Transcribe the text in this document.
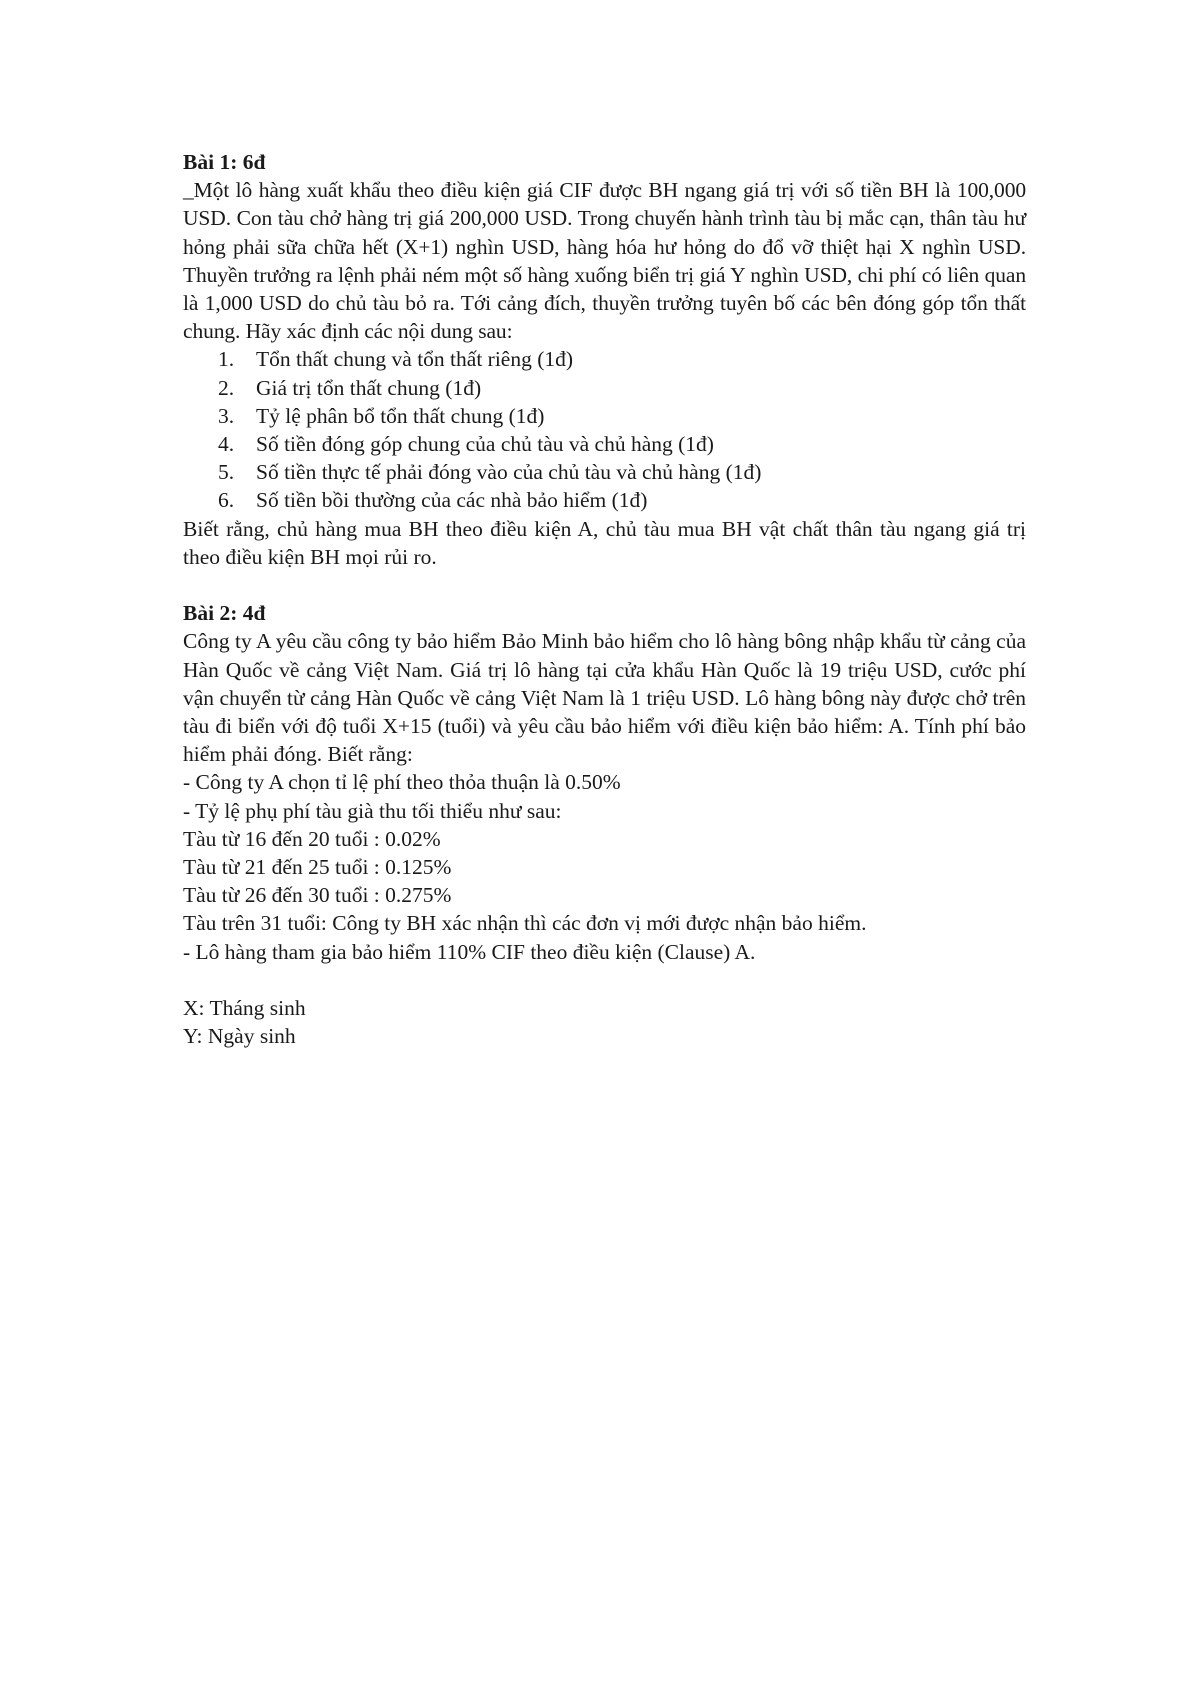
Bài 1: 6đ

_Một lô hàng xuất khẩu theo điều kiện giá CIF được BH ngang giá trị với số tiền BH là 100,000 USD. Con tàu chở hàng trị giá 200,000 USD. Trong chuyến hành trình tàu bị mắc cạn, thân tàu hư hỏng phải sữa chữa hết (X+1) nghìn USD, hàng hóa hư hỏng do đổ vỡ thiệt hại X nghìn USD. Thuyền trưởng ra lệnh phải ném một số hàng xuống biển trị giá Y nghìn USD, chi phí có liên quan là 1,000 USD do chủ tàu bỏ ra. Tới cảng đích, thuyền trưởng tuyên bố các bên đóng góp tổn thất chung. Hãy xác định các nội dung sau:

1. Tổn thất chung và tổn thất riêng (1đ)
2. Giá trị tổn thất chung (1đ)
3. Tỷ lệ phân bổ tổn thất chung (1đ)
4. Số tiền đóng góp chung của chủ tàu và chủ hàng (1đ)
5. Số tiền thực tế phải đóng vào của chủ tàu và chủ hàng (1đ)
6. Số tiền bồi thường của các nhà bảo hiểm (1đ)

Biết rằng, chủ hàng mua BH theo điều kiện A, chủ tàu mua BH vật chất thân tàu ngang giá trị theo điều kiện BH mọi rủi ro.

Bài 2: 4đ

Công ty A yêu cầu công ty bảo hiểm Bảo Minh bảo hiểm cho lô hàng bông nhập khẩu từ cảng của Hàn Quốc về cảng Việt Nam. Giá trị lô hàng tại cửa khẩu Hàn Quốc là 19 triệu USD, cước phí vận chuyển từ cảng Hàn Quốc về cảng Việt Nam là 1 triệu USD. Lô hàng bông này được chở trên tàu đi biển với độ tuổi X+15 (tuổi) và yêu cầu bảo hiểm với điều kiện bảo hiểm: A. Tính phí bảo hiểm phải đóng. Biết rằng:

- Công ty A chọn tỉ lệ phí theo thỏa thuận là 0.50%

- Tỷ lệ phụ phí tàu già thu tối thiểu như sau:

Tàu từ 16 đến 20 tuổi : 0.02%

Tàu từ 21 đến 25 tuổi : 0.125%

Tàu từ 26 đến 30 tuổi : 0.275%

Tàu trên 31 tuổi: Công ty BH xác nhận thì các đơn vị mới được nhận bảo hiểm.

- Lô hàng tham gia bảo hiểm 110% CIF theo điều kiện (Clause) A.

X: Tháng sinh

Y: Ngày sinh
